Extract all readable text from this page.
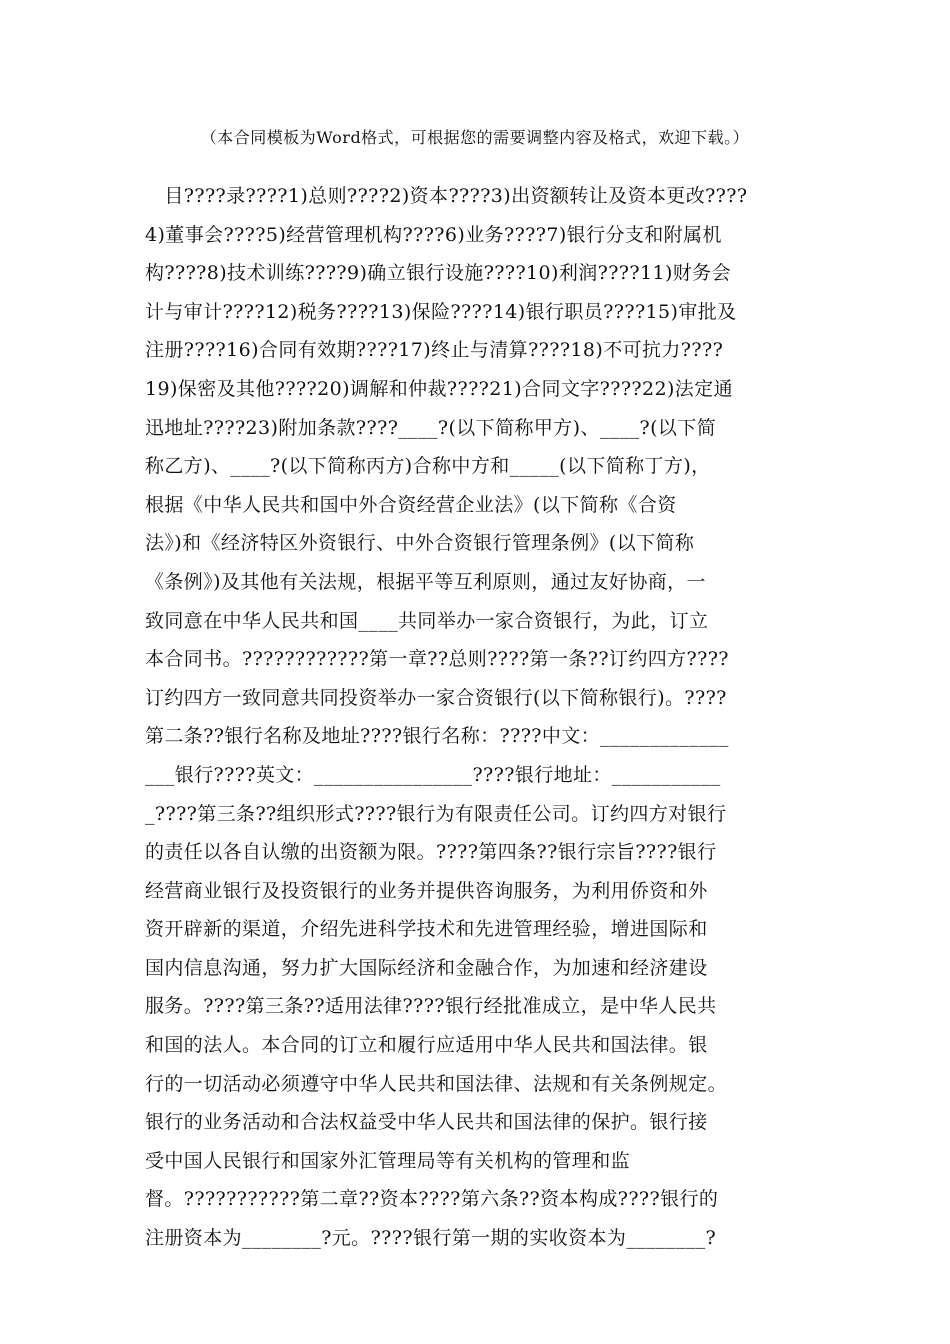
（本合同模板为Word格式，可根据您的需要调整内容及格式，欢迎下载。）
　目????录????1)总则????2)资本????3)出资额转让及资本更改????
4)董事会????5)经营管理机构????6)业务????7)银行分支和附属机
构????8)技术训练????9)确立银行设施????10)利润????11)财务会
计与审计????12)税务????13)保险????14)银行职员????15)审批及
注册????16)合同有效期????17)终止与清算????18)不可抗力????
19)保密及其他????20)调解和仲裁????21)合同文字????22)法定通
迅地址????23)附加条款????____?(以下简称甲方)、____?(以下简
称乙方)、____?(以下简称丙方)合称中方和_____(以下简称丁方)，
根据《中华人民共和国中外合资经营企业法》(以下简称《合资
法》)和《经济特区外资银行、中外合资银行管理条例》(以下简称
《条例》)及其他有关法规，根据平等互利原则，通过友好协商，一
致同意在中华人民共和国____共同举办一家合资银行，为此，订立
本合同书。????????????第一章??总则????第一条??订约四方????
订约四方一致同意共同投资举办一家合资银行(以下简称银行)。????
第二条??银行名称及地址????银行名称：????中文：_____________
___银行????英文：________________????银行地址：___________
_????第三条??组织形式????银行为有限责任公司。订约四方对银行
的责任以各自认缴的出资额为限。????第四条??银行宗旨????银行
经营商业银行及投资银行的业务并提供咨询服务，为利用侨资和外
资开辟新的渠道，介绍先进科学技术和先进管理经验，增进国际和
国内信息沟通，努力扩大国际经济和金融合作，为加速和经济建设
服务。????第三条??适用法律????银行经批准成立，是中华人民共
和国的法人。本合同的订立和履行应适用中华人民共和国法律。银
行的一切活动必须遵守中华人民共和国法律、法规和有关条例规定。
银行的业务活动和合法权益受中华人民共和国法律的保护。银行接
受中国人民银行和国家外汇管理局等有关机构的管理和监
督。???????????第二章??资本????第六条??资本构成????银行的
注册资本为________?元。????银行第一期的实收资本为________?
